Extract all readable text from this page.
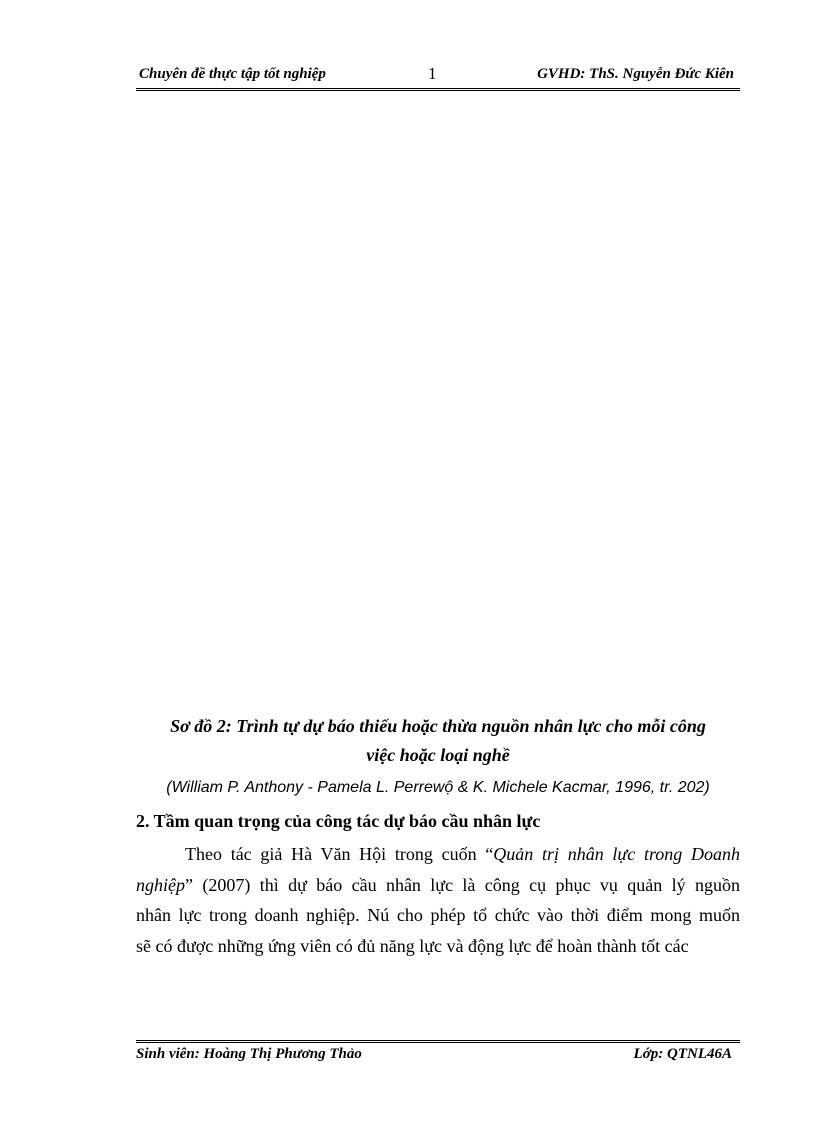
Chuyên đề thực tập tốt nghiệp	1	GVHD: ThS. Nguyễn Đức Kiên
Sơ đồ 2: Trình tự dự báo thiếu hoặc thừa nguồn nhân lực cho mỗi công
việc hoặc loại nghề
(William P. Anthony - Pamela L. Perrewộ & K. Michele Kacmar, 1996, tr. 202)
2. Tầm quan trọng của công tác dự báo cầu nhân lực
Theo tác giả Hà Văn Hội trong cuốn “Quản trị nhân lực trong Doanh
nghiệp” (2007) thì dự báo cầu nhân lực là công cụ phục vụ quản lý nguồn
nhân lực trong doanh nghiệp. Nú cho phép tổ chức vào thời điểm mong muốn
sẽ có được những ứng viên có đủ năng lực và động lực để hoàn thành tốt các
Sinh viên: Hoàng Thị Phương Thảo	Lớp: QTNL46A
